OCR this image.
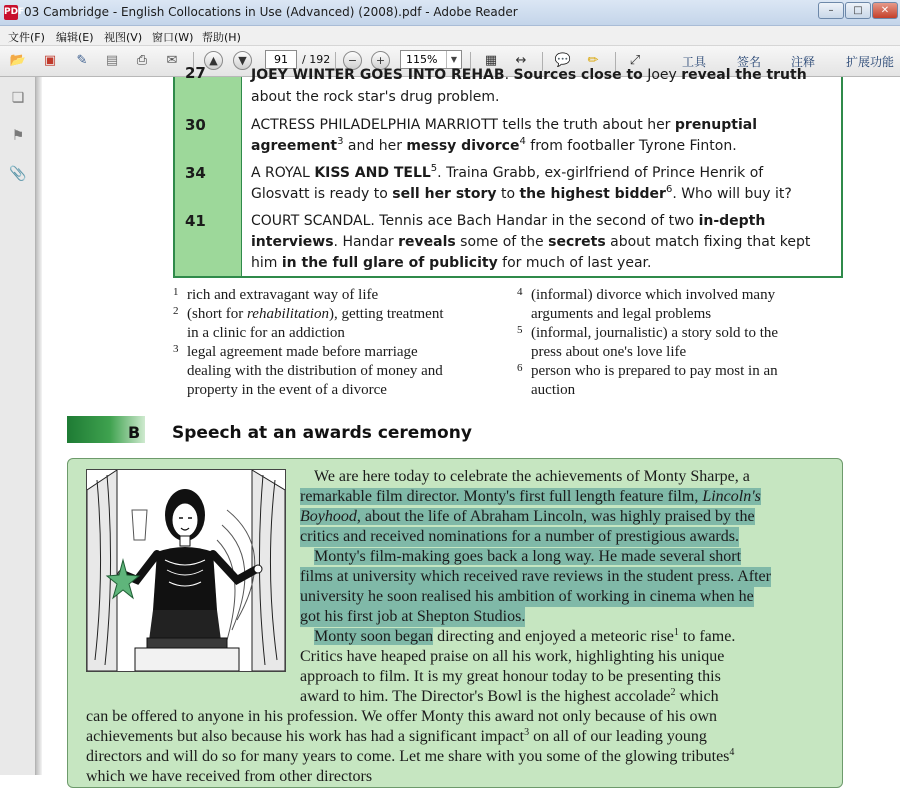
PDF 03 Cambridge - English Collocations in Use (Advanced) (2008).pdf - Adobe Reader	–	□	✕
文件(F) 编辑(E) 视图(V) 窗口(W) 帮助(H)
📂 ▣	✎	▤	⎙	✉	▲	▼	−	+	▦	↔	💬	✏	⤢
91
/ 192	115%	▼	工具	签名 注释	扩展功能
❏
⚑
📎
27	JOEY WINTER GOES INTO REHAB. Sources close to Joey reveal the truth
about the rock star's drug problem.
30	ACTRESS PHILADELPHIA MARRIOTT tells the truth about her prenuptial
agreement$^3$ and her messy divorce$^4$ from footballer Tyrone Finton.
34	A ROYAL KISS AND TELL$^5$. Traina Grabb, ex-girlfriend of Prince Henrik of
Glosvatt is ready to sell her story to the highest bidder$^6$. Who will buy it?
41	COURT SCANDAL. Tennis ace Bach Handar in the second of two in-depth
interviews. Handar reveals some of the secrets about match fixing that kept
him in the full glare of publicity for much of last year.
1 rich and extravagant way of life
2 (short for rehabilitation), getting treatment
in a clinic for an addiction
3 legal agreement made before marriage
dealing with the distribution of money and
property in the event of a divorce
4 (informal) divorce which involved many
arguments and legal problems
5 (informal, journalistic) a story sold to the
press about one's love life
6 person who is prepared to pay most in an
auction
B Speech at an awards ceremony
We are here today to celebrate the achievements of Monty Sharpe, a
remarkable film director. Monty's first full length feature film, Lincoln's
Boyhood, about the life of Abraham Lincoln, was highly praised by the
critics and received nominations for a number of prestigious awards.
Monty's film-making goes back a long way. He made several short
films at university which received rave reviews in the student press. After
university he soon realised his ambition of working in cinema when he
got his first job at Shepton Studios.
Monty soon began directing and enjoyed a meteoric rise$^1$ to fame.
Critics have heaped praise on all his work, highlighting his unique
approach to film. It is my great honour today to be presenting this
award to him. The Director's Bowl is the highest accolade$^2$ which
can be offered to anyone in his profession. We offer Monty this award not only because of his own
achievements but also because his work has had a significant impact$^3$ on all of our leading young
directors and will do so for many years to come. Let me share with you some of the glowing tributes$^4$
which we have received from other directors
